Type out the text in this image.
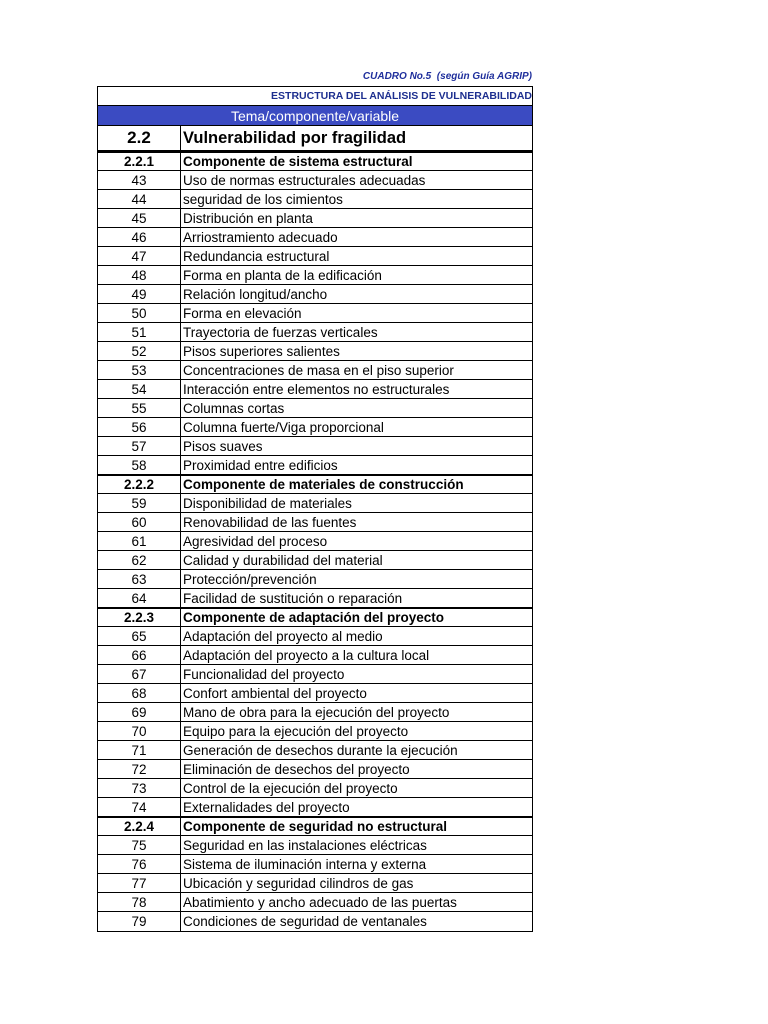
CUADRO No.5  (según Guía AGRIP)
ESTRUCTURA DEL ANÁLISIS DE VULNERABILIDAD
Tema/componente/variable
2.2	Vulnerabilidad por fragilidad
2.2.1	Componente de sistema estructural
43	Uso de normas estructurales adecuadas
44	seguridad de los cimientos
45	Distribución en planta
46	Arriostramiento adecuado
47	Redundancia estructural
48	Forma en planta de la edificación
49	Relación longitud/ancho
50	Forma en elevación
51	Trayectoria de fuerzas verticales
52	Pisos superiores salientes
53	Concentraciones de masa en el piso superior
54	Interacción entre elementos no estructurales
55	Columnas cortas
56	Columna fuerte/Viga proporcional
57	Pisos suaves
58	Proximidad entre edificios
2.2.2	Componente de materiales de construcción
59	Disponibilidad de materiales
60	Renovabilidad de las fuentes
61	Agresividad del proceso
62	Calidad y durabilidad del material
63	Protección/prevención
64	Facilidad de sustitución o reparación
2.2.3	Componente de adaptación del proyecto
65	Adaptación del proyecto al medio
66	Adaptación del proyecto a la cultura local
67	Funcionalidad del proyecto
68	Confort ambiental del proyecto
69	Mano de obra para la ejecución del proyecto
70	Equipo para la ejecución del proyecto
71	Generación de desechos durante la ejecución
72	Eliminación de desechos del proyecto
73	Control de la ejecución del proyecto
74	Externalidades del proyecto
2.2.4	Componente de seguridad no estructural
75	Seguridad en las instalaciones eléctricas
76	Sistema de iluminación interna y externa
77	Ubicación y seguridad cilindros de gas
78	Abatimiento y ancho adecuado de las puertas
79	Condiciones de seguridad de ventanales
